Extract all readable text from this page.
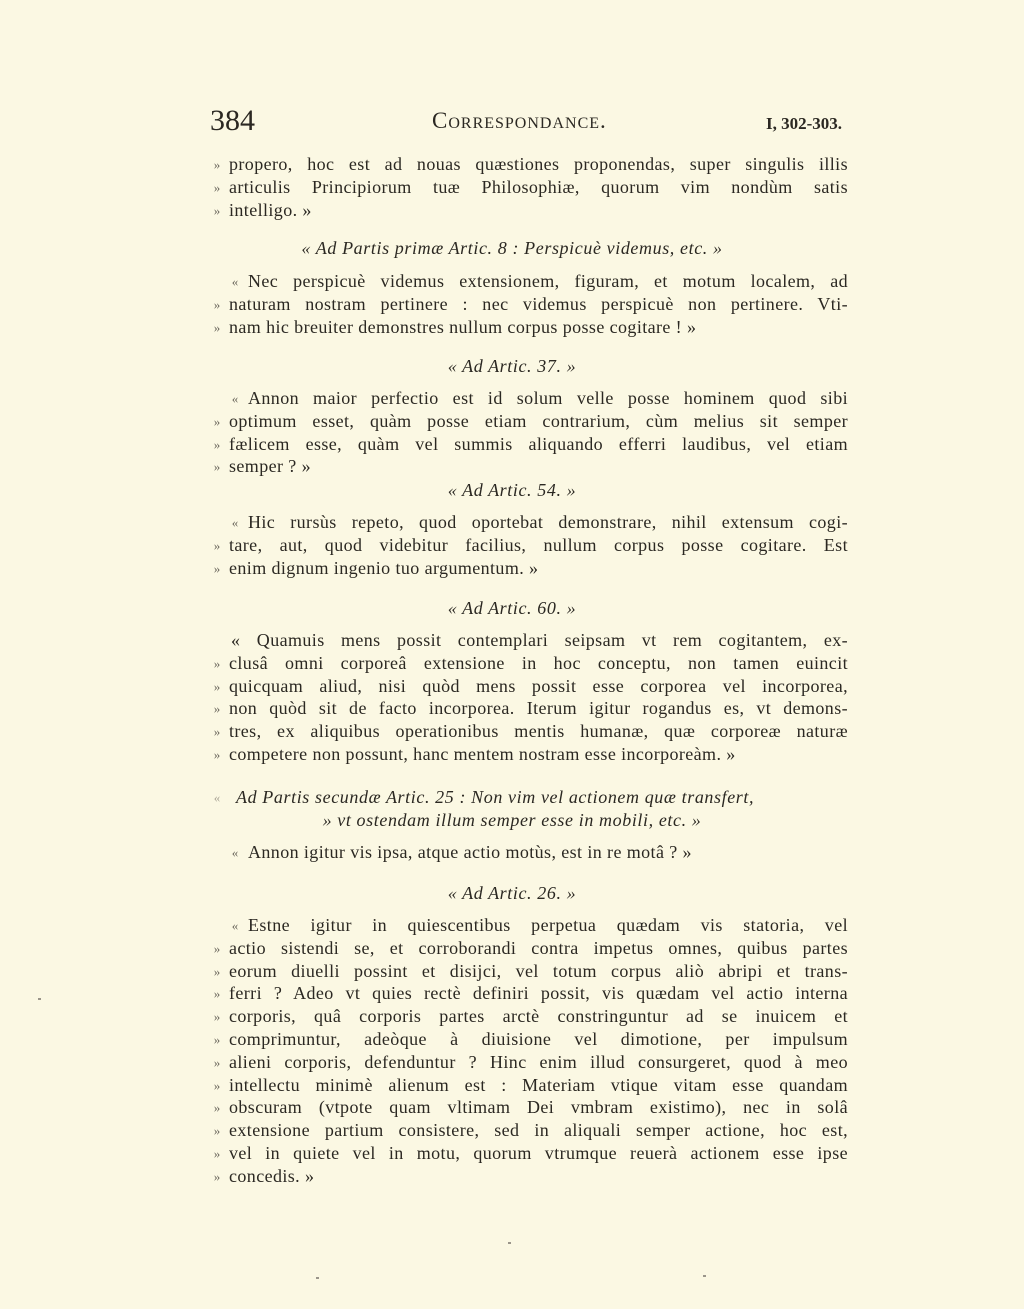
384	Correspondance.	I, 302-303.
» propero, hoc est ad nouas quæstiones proponendas, super singulis illis
» articulis Principiorum tuæ Philosophiæ, quorum vim nondùm satis
» intelligo. »
« Ad Partis primæ Artic. 8 : Perspicuè videmus, etc. »
« Nec perspicuè videmus extensionem, figuram, et motum localem, ad
» naturam nostram pertinere : nec videmus perspicuè non pertinere. Vti-
» nam hic breuiter demonstres nullum corpus posse cogitare ! »
« Ad Artic. 37. »
« Annon maior perfectio est id solum velle posse hominem quod sibi
» optimum esset, quàm posse etiam contrarium, cùm melius sit semper
» fælicem esse, quàm vel summis aliquando efferri laudibus, vel etiam
» semper ? »
« Ad Artic. 54. »
« Hic rursùs repeto, quod oportebat demonstrare, nihil extensum cogi-
» tare, aut, quod videbitur facilius, nullum corpus posse cogitare. Est
» enim dignum ingenio tuo argumentum. »
« Ad Artic. 60. »
« Quamuis mens possit contemplari seipsam vt rem cogitantem, ex-
» clusâ omni corporeâ extensione in hoc conceptu, non tamen euincit
» quicquam aliud, nisi quòd mens possit esse corporea vel incorporea,
» non quòd sit de facto incorporea. Iterum igitur rogandus es, vt demons-
» tres, ex aliquibus operationibus mentis humanæ, quæ corporeæ naturæ
» competere non possunt, hanc mentem nostram esse incorporeàm. »
Ad Partis secundæ Artic. 25 : Non vim vel actionem quæ transfert,
» vt ostendam illum semper esse in mobili, etc. »
«
« Annon igitur vis ipsa, atque actio motùs, est in re motâ ? »
« Ad Artic. 26. »
« Estne igitur in quiescentibus perpetua quædam vis statoria, vel
» actio sistendi se, et corroborandi contra impetus omnes, quibus partes
» eorum diuelli possint et disijci, vel totum corpus aliò abripi et trans-
» ferri ? Adeo vt quies rectè definiri possit, vis quædam vel actio interna
» corporis, quâ corporis partes arctè constringuntur ad se inuicem et
» comprimuntur, adeòque à diuisione vel dimotione, per impulsum
» alieni corporis, defenduntur ? Hinc enim illud consurgeret, quod à meo
» intellectu minimè alienum est : Materiam vtique vitam esse quandam
» obscuram (vtpote quam vltimam Dei vmbram existimo), nec in solâ
» extensione partium consistere, sed in aliquali semper actione, hoc est,
» vel in quiete vel in motu, quorum vtrumque reuerà actionem esse ipse
» concedis. »
